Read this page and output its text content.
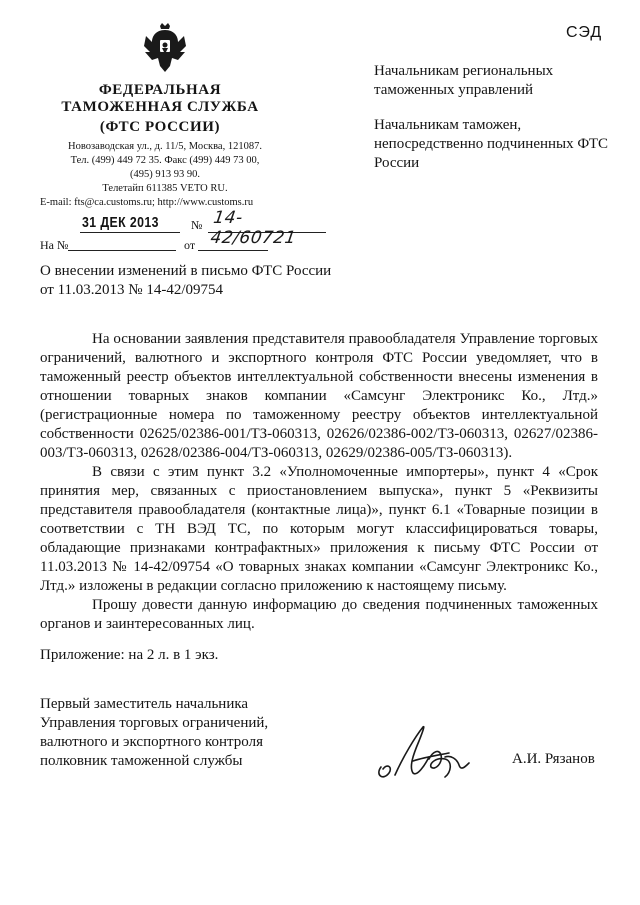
СЭД
ФЕДЕРАЛЬНАЯ
ТАМОЖЕННАЯ СЛУЖБА
(ФТС РОССИИ)
Новозаводская ул., д. 11/5, Москва, 121087.
Тел. (499) 449 72 35. Факс (499) 449 73 00,
(495) 913 93 90.
Телетайп 611385 VETO RU.
E-mail: fts@ca.customs.ru; http://www.customs.ru
31 ДЕК 2013	№ 14-42/60721
На №	от
О внесении изменений в письмо ФТС России от 11.03.2013 № 14-42/09754
Начальникам региональных таможенных управлений
Начальникам таможен, непосредственно подчиненных ФТС России

На основании заявления представителя правообладателя Управление торговых ограничений, валютного и экспортного контроля ФТС России уведомляет, что в таможенный реестр объектов интеллектуальной собственности внесены изменения в отношении товарных знаков компании «Самсунг Электроникс Ко., Лтд.» (регистрационные номера по таможенному реестру объектов интеллектуальной собственности 02625/02386-001/ТЗ-060313, 02626/02386-002/ТЗ-060313, 02627/02386-003/ТЗ-060313, 02628/02386-004/ТЗ-060313, 02629/02386-005/ТЗ-060313).

В связи с этим пункт 3.2 «Уполномоченные импортеры», пункт 4 «Срок принятия мер, связанных с приостановлением выпуска», пункт 5 «Реквизиты представителя правообладателя (контактные лица)», пункт 6.1 «Товарные позиции в соответствии с ТН ВЭД ТС, по которым могут классифицироваться товары, обладающие признаками контрафактных» приложения к письму ФТС России от 11.03.2013 № 14-42/09754 «О товарных знаках компании «Самсунг Электроникс Ко., Лтд.» изложены в редакции согласно приложению к настоящему письму.

Прошу довести данную информацию до сведения подчиненных таможенных органов и заинтересованных лиц.

Приложение: на 2 л. в 1 экз.
Первый заместитель начальника
Управления торговых ограничений,
валютного и экспортного контроля
полковник таможенной службы	А.И. Рязанов
